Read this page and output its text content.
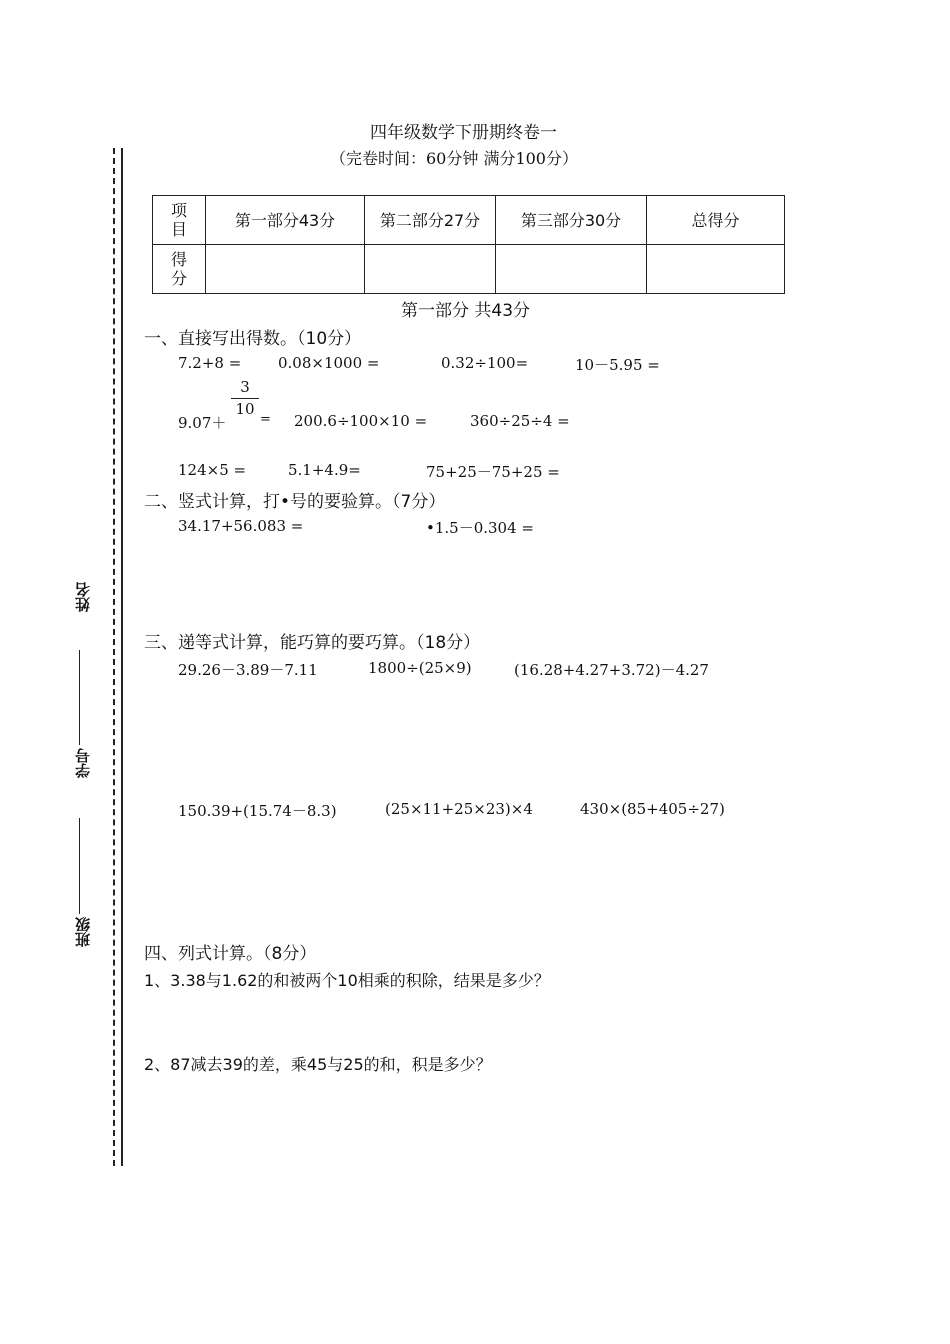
姓名
学号
班级
四年级数学下册期终卷一
（完卷时间：60分钟 满分100分）
项目	第一部分43分	第二部分27分	第三部分30分	总得分
得分				
第一部分 共43分
一、直接写出得数。（10分）
7.2+8 = 0.08×1000 =	0.32÷100=	10－5.95 =
9.07＋
3
10
= 200.6÷100×10 =	360÷25÷4 =
124×5 =	5.1+4.9=	75+25－75+25 =
二、竖式计算，打•号的要验算。（7分）
34.17+56.083 =	•1.5－0.304 =
三、递等式计算，能巧算的要巧算。（18分）
29.26－3.89－7.11	1800÷(25×9)	(16.28+4.27+3.72)－4.27
150.39+(15.74－8.3)	(25×11+25×23)×4	430×(85+405÷27)
四、列式计算。（8分）
1、3.38与1.62的和被两个10相乘的积除，结果是多少？
2、87减去39的差，乘45与25的和，积是多少？
